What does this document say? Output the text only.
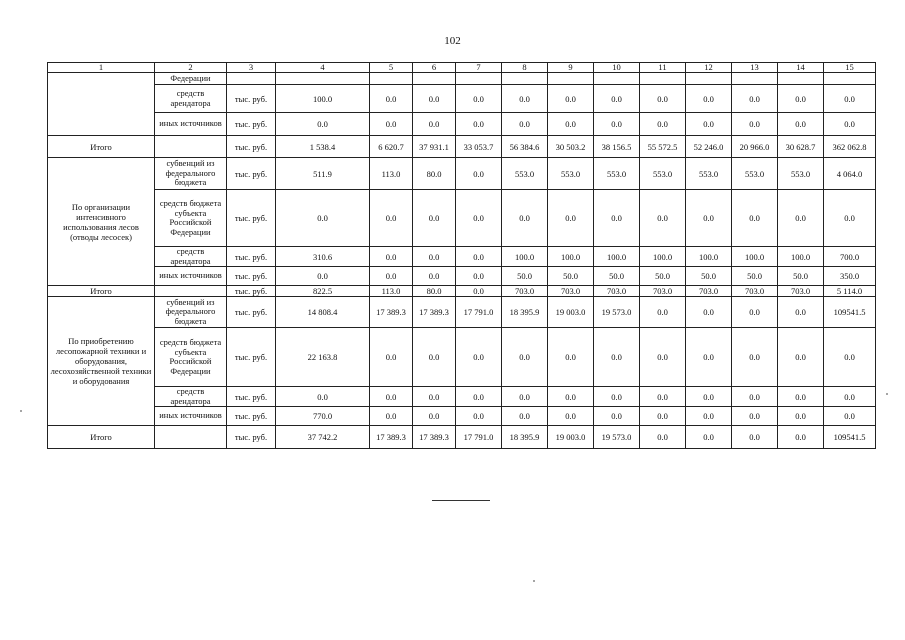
102
1	2	3	4	5	6	7	8	9	10	11	12	13	14	15
	Федерации													
	средств арендатора	тыс. руб.	100.0	0.0	0.0	0.0	0.0	0.0	0.0	0.0	0.0	0.0	0.0	0.0
	иных источников	тыс. руб.	0.0	0.0	0.0	0.0	0.0	0.0	0.0	0.0	0.0	0.0	0.0	0.0
Итого		тыс. руб.	1 538.4	6 620.7	37 931.1	33 053.7	56 384.6	30 503.2	38 156.5	55 572.5	52 246.0	20 966.0	30 628.7	362 062.8
По организации интенсивного использования лесов (отводы лесосек)	субвенций из федерального бюджета	тыс. руб.	511.9	113.0	80.0	0.0	553.0	553.0	553.0	553.0	553.0	553.0	553.0	4 064.0
	средств бюджета субъекта Российской Федерации	тыс. руб.	0.0	0.0	0.0	0.0	0.0	0.0	0.0	0.0	0.0	0.0	0.0	0.0
	средств арендатора	тыс. руб.	310.6	0.0	0.0	0.0	100.0	100.0	100.0	100.0	100.0	100.0	100.0	700.0
	иных источников	тыс. руб.	0.0	0.0	0.0	0.0	50.0	50.0	50.0	50.0	50.0	50.0	50.0	350.0
Итого		тыс. руб.	822.5	113.0	80.0	0.0	703.0	703.0	703.0	703.0	703.0	703.0	703.0	5 114.0
По приобретению лесопожарной техники и оборудования, лесохозяйственной техники и оборудования	субвенций из федерального бюджета	тыс. руб.	14 808.4	17 389.3	17 389.3	17 791.0	18 395.9	19 003.0	19 573.0	0.0	0.0	0.0	0.0	109541.5
	средств бюджета субъекта Российской Федерации	тыс. руб.	22 163.8	0.0	0.0	0.0	0.0	0.0	0.0	0.0	0.0	0.0	0.0	0.0
	средств арендатора	тыс. руб.	0.0	0.0	0.0	0.0	0.0	0.0	0.0	0.0	0.0	0.0	0.0	0.0
	иных источников	тыс. руб.	770.0	0.0	0.0	0.0	0.0	0.0	0.0	0.0	0.0	0.0	0.0	0.0
Итого		тыс. руб.	37 742.2	17 389.3	17 389.3	17 791.0	18 395.9	19 003.0	19 573.0	0.0	0.0	0.0	0.0	109541.5
